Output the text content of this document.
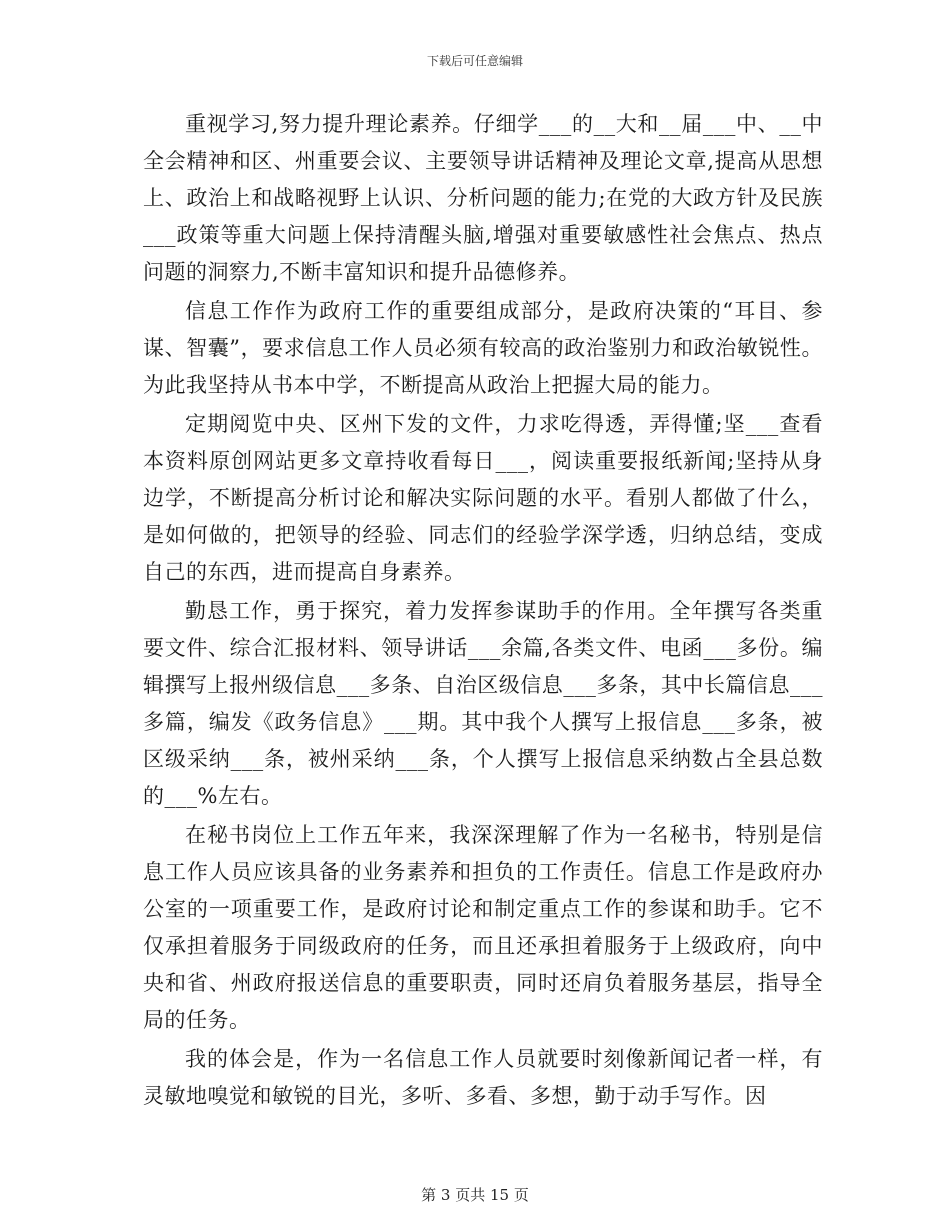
下载后可任意编辑

重视学习,努力提升理论素养。仔细学___的__大和__届___中、__中全会精神和区、州重要会议、主要领导讲话精神及理论文章,提高从思想上、政治上和战略视野上认识、分析问题的能力;在党的大政方针及民族___政策等重大问题上保持清醒头脑,增强对重要敏感性社会焦点、热点问题的洞察力,不断丰富知识和提升品德修养。

信息工作作为政府工作的重要组成部分，是政府决策的“耳目、参谋、智囊”，要求信息工作人员必须有较高的政治鉴别力和政治敏锐性。为此我坚持从书本中学，不断提高从政治上把握大局的能力。

定期阅览中央、区州下发的文件，力求吃得透，弄得懂;坚___查看本资料原创网站更多文章持收看每日___，阅读重要报纸新闻;坚持从身边学，不断提高分析讨论和解决实际问题的水平。看别人都做了什么，是如何做的，把领导的经验、同志们的经验学深学透，归纳总结，变成自己的东西，进而提高自身素养。

勤恳工作，勇于探究，着力发挥参谋助手的作用。全年撰写各类重要文件、综合汇报材料、领导讲话___余篇,各类文件、电函___多份。编辑撰写上报州级信息___多条、自治区级信息___多条，其中长篇信息___多篇，编发《政务信息》___期。其中我个人撰写上报信息___多条，被区级采纳___条，被州采纳___条，个人撰写上报信息采纳数占全县总数的___%左右。

在秘书岗位上工作五年来，我深深理解了作为一名秘书，特别是信息工作人员应该具备的业务素养和担负的工作责任。信息工作是政府办公室的一项重要工作，是政府讨论和制定重点工作的参谋和助手。它不仅承担着服务于同级政府的任务，而且还承担着服务于上级政府，向中央和省、州政府报送信息的重要职责，同时还肩负着服务基层，指导全局的任务。

我的体会是，作为一名信息工作人员就要时刻像新闻记者一样，有灵敏地嗅觉和敏锐的目光，多听、多看、多想，勤于动手写作。因

第 3 页共 15 页
